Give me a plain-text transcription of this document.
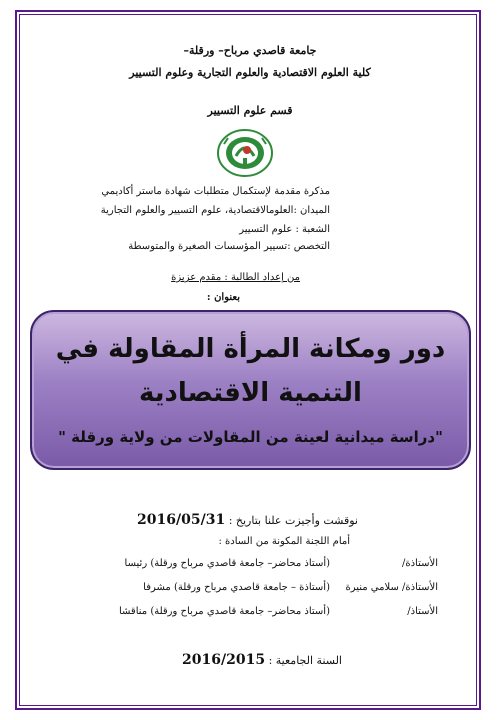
جامعة قاصدي مرباح– ورقلة–
كلية العلوم الاقتصادية والعلوم التجارية وعلوم التسيير
قسم علوم التسيير
مذكرة مقدمة لإستكمال متطلبات شهادة ماستر أكاديمي
الميدان :العلومالاقتصادية، علوم التسيير والعلوم التجارية
الشعبة : علوم التسيير
التخصص :تسيير المؤسسات الصغيرة والمتوسطة
من إعداد الطالبة : مقدم عزيزة
بعنوان :
دور ومكانة المرأة المقاولة في
التنمية الاقتصادية
"دراسة ميدانية لعينة من المقاولات من ولاية ورقلة "
نوقشت وأجيزت علنا بتاريخ : 2016/05/31
أمام اللجنة المكونة من السادة :
الأستاذة/
(أستاذ محاضر– جامعة قاصدي مرباح ورقلة) رئيسا
الأستاذة/ سلامي منيرة
(أستاذة – جامعة قاصدي مرباح ورقلة) مشرفا
الأستاذ/
(أستاذ محاضر– جامعة قاصدي مرباح ورقلة) مناقشا
السنة الجامعية : 2016/2015
